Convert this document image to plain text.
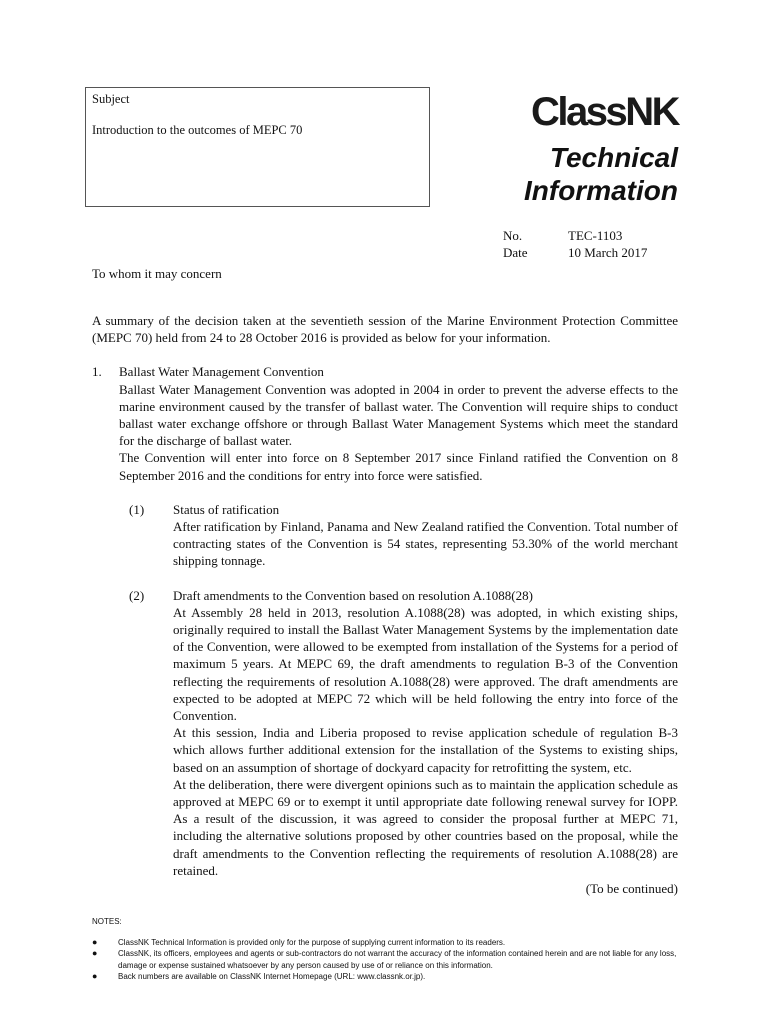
Subject
Introduction to the outcomes of MEPC 70	ClassNK
Technical
Information
No.	TEC-1103
Date	10 March 2017
To whom it may concern

A summary of the decision taken at the seventieth session of the Marine Environment Protection Committee (MEPC 70) held from 24 to 28 October 2016 is provided as below for your information.

1.	Ballast Water Management Convention

Ballast Water Management Convention was adopted in 2004 in order to prevent the adverse effects to the marine environment caused by the transfer of ballast water. The Convention will require ships to conduct ballast water exchange offshore or through Ballast Water Management Systems which meet the standard for the discharge of ballast water.

The Convention will enter into force on 8 September 2017 since Finland ratified the Convention on 8 September 2016 and the conditions for entry into force were satisfied.

(1)	Status of ratification

After ratification by Finland, Panama and New Zealand ratified the Convention. Total number of contracting states of the Convention is 54 states, representing 53.30% of the world merchant shipping tonnage.

(2)	Draft amendments to the Convention based on resolution A.1088(28)

At Assembly 28 held in 2013, resolution A.1088(28) was adopted, in which existing ships, originally required to install the Ballast Water Management Systems by the implementation date of the Convention, were allowed to be exempted from installation of the Systems for a period of maximum 5 years. At MEPC 69, the draft amendments to regulation B-3 of the Convention reflecting the requirements of resolution A.1088(28) were approved. The draft amendments are expected to be adopted at MEPC 72 which will be held following the entry into force of the Convention.

At this session, India and Liberia proposed to revise application schedule of regulation B-3 which allows further additional extension for the installation of the Systems to existing ships, based on an assumption of shortage of dockyard capacity for retrofitting the system, etc.

At the deliberation, there were divergent opinions such as to maintain the application schedule as approved at MEPC 69 or to exempt it until appropriate date following renewal survey for IOPP. As a result of the discussion, it was agreed to consider the proposal further at MEPC 71, including the alternative solutions proposed by other countries based on the proposal, while the draft amendments to the Convention reflecting the requirements of resolution A.1088(28) are retained.

(To be continued)
NOTES:
●	ClassNK Technical Information is provided only for the purpose of supplying current information to its readers.
●	ClassNK, its officers, employees and agents or sub-contractors do not warrant the accuracy of the information contained herein and are not liable for any loss, damage or expense sustained whatsoever by any person caused by use of or reliance on this information.
●	Back numbers are available on ClassNK Internet Homepage (URL: www.classnk.or.jp).
